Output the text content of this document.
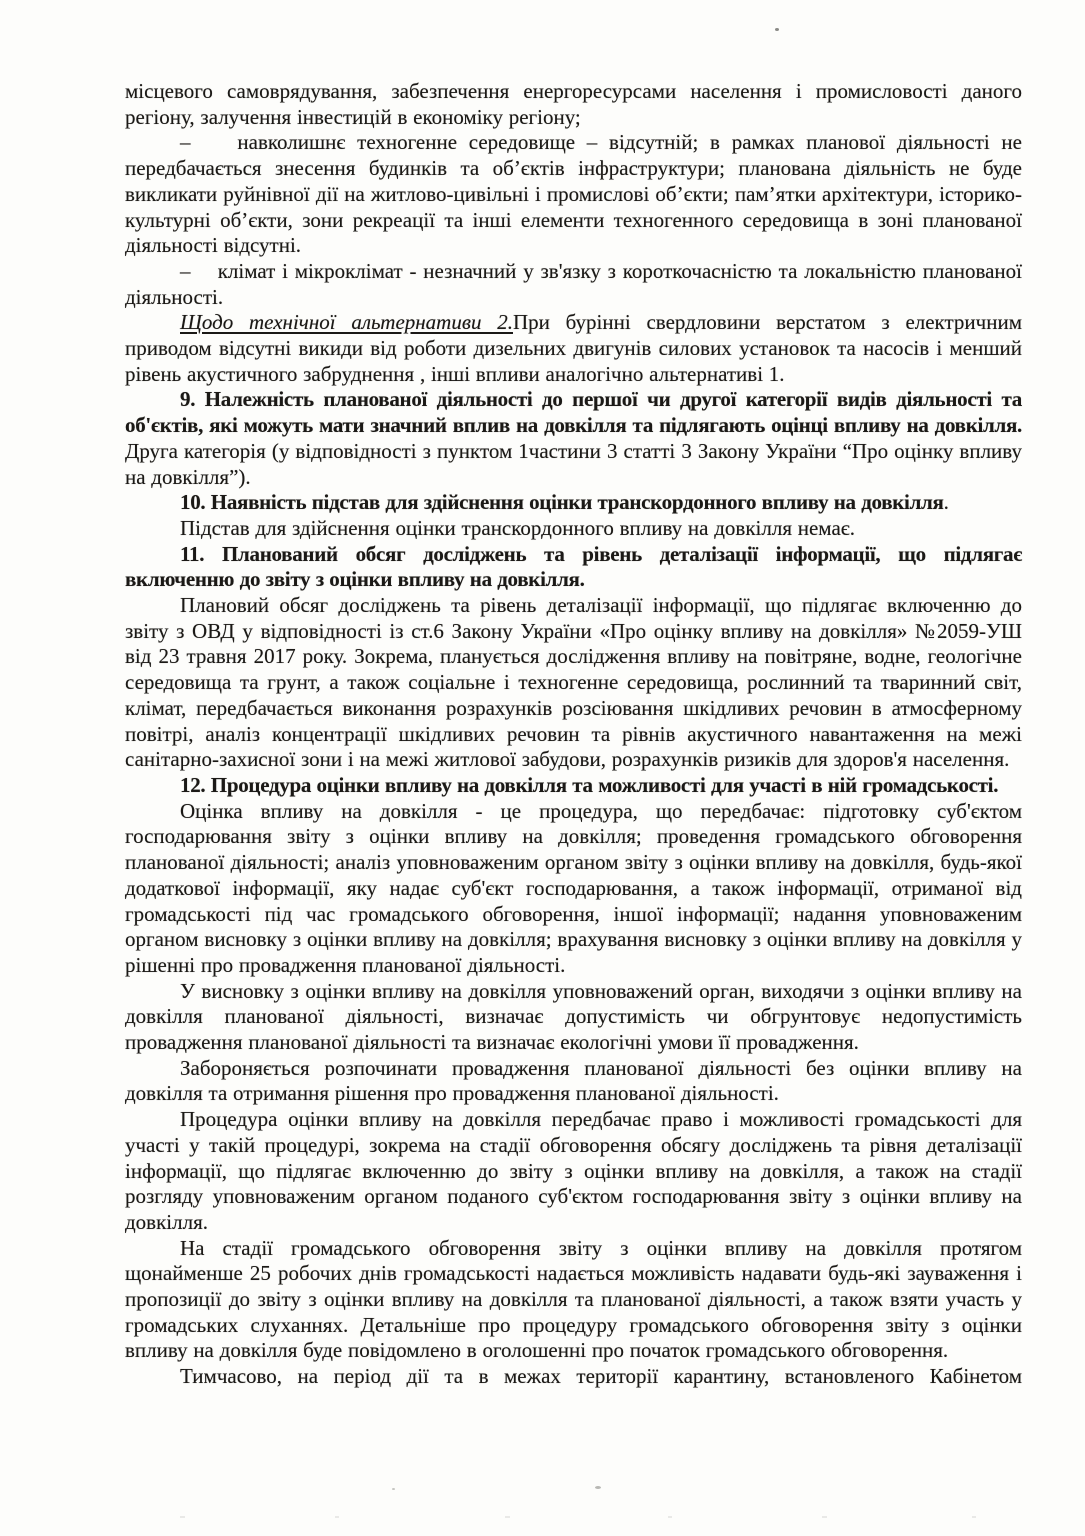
місцевого самоврядування, забезпечення енергоресурсами населення і промисловості даного регіону, залучення інвестицій в економіку регіону;

–    навколишнє техногенне середовище – відсутній; в рамках планової діяльності не передбачається знесення будинків та об’єктів інфраструктури; планована діяльність не буде викликати руйнівної дії на житлово-цивільні і промислові об’єкти; пам’ятки архітектури, історико-культурні об’єкти, зони рекреації та інші елементи техногенного середовища в зоні планованої діяльності відсутні.

–    клімат і мікроклімат - незначний у зв'язку з короткочасністю та локальністю планованої діяльності.

Щодо технічної альтернативи 2.При бурінні свердловини верстатом з електричним приводом відсутні викиди від роботи дизельних двигунів силових установок та насосів і менший рівень акустичного забруднення , інші впливи аналогічно альтернативі 1.

9. Належність планованої діяльності до першої чи другої категорії видів діяльності та об'єктів, які можуть мати значний вплив на довкілля та підлягають оцінці впливу на довкілля. Друга категорія (у відповідності з пунктом 1частини 3 статті 3 Закону України “Про оцінку впливу на довкілля”).

10. Наявність підстав для здійснення оцінки транскордонного впливу на довкілля.

Підстав для здійснення оцінки транскордонного впливу на довкілля немає.

11. Планований обсяг досліджень та рівень деталізації інформації, що підлягає включенню до звіту з оцінки впливу на довкілля.

Плановий обсяг досліджень та рівень деталізації інформації, що підлягає включенню до звіту з ОВД у відповідності із ст.6 Закону України «Про оцінку впливу на довкілля» №2059-УШ від 23 травня 2017 року. Зокрема, планується дослідження впливу на повітряне, водне, геологічне середовища та грунт, а також соціальне і техногенне середовища, рослинний та тваринний світ, клімат, передбачається виконання розрахунків розсіювання шкідливих речовин в атмосферному повітрі, аналіз концентрації шкідливих речовин та рівнів акустичного навантаження на межі санітарно-захисної зони і на межі житлової забудови, розрахунків ризиків для здоров'я населення.

12. Процедура оцінки впливу на довкілля та можливості для участі в ній громадськості.

Оцінка впливу на довкілля - це процедура, що передбачає: підготовку суб'єктом господарювання звіту з оцінки впливу на довкілля; проведення громадського обговорення планованої діяльності; аналіз уповноваженим органом звіту з оцінки впливу на довкілля, будь-якої додаткової інформації, яку надає суб'єкт господарювання, а також інформації, отриманої від громадськості під час громадського обговорення, іншої інформації; надання уповноваженим органом висновку з оцінки впливу на довкілля; врахування висновку з оцінки впливу на довкілля у рішенні про провадження планованої діяльності.

У висновку з оцінки впливу на довкілля уповноважений орган, виходячи з оцінки впливу на довкілля планованої діяльності, визначає допустимість чи обгрунтовує недопустимість провадження планованої діяльності та визначає екологічні умови її провадження.

Забороняється розпочинати провадження планованої діяльності без оцінки впливу на довкілля та отримання рішення про провадження планованої діяльності.

Процедура оцінки впливу на довкілля передбачає право і можливості громадськості для участі у такій процедурі, зокрема на стадії обговорення обсягу досліджень та рівня деталізації інформації, що підлягає включенню до звіту з оцінки впливу на довкілля, а також на стадії розгляду уповноваженим органом поданого суб'єктом господарювання звіту з оцінки впливу на довкілля.

На стадії громадського обговорення звіту з оцінки впливу на довкілля протягом щонайменше 25 робочих днів громадськості надається можливість надавати будь-які зауваження і пропозиції до звіту з оцінки впливу на довкілля та планованої діяльності, а також взяти участь у громадських слуханнях. Детальніше про процедуру громадського обговорення звіту з оцінки впливу на довкілля буде повідомлено в оголошенні про початок громадського обговорення.

Тимчасово, на період дії та в межах території карантину, встановленого Кабінетом
